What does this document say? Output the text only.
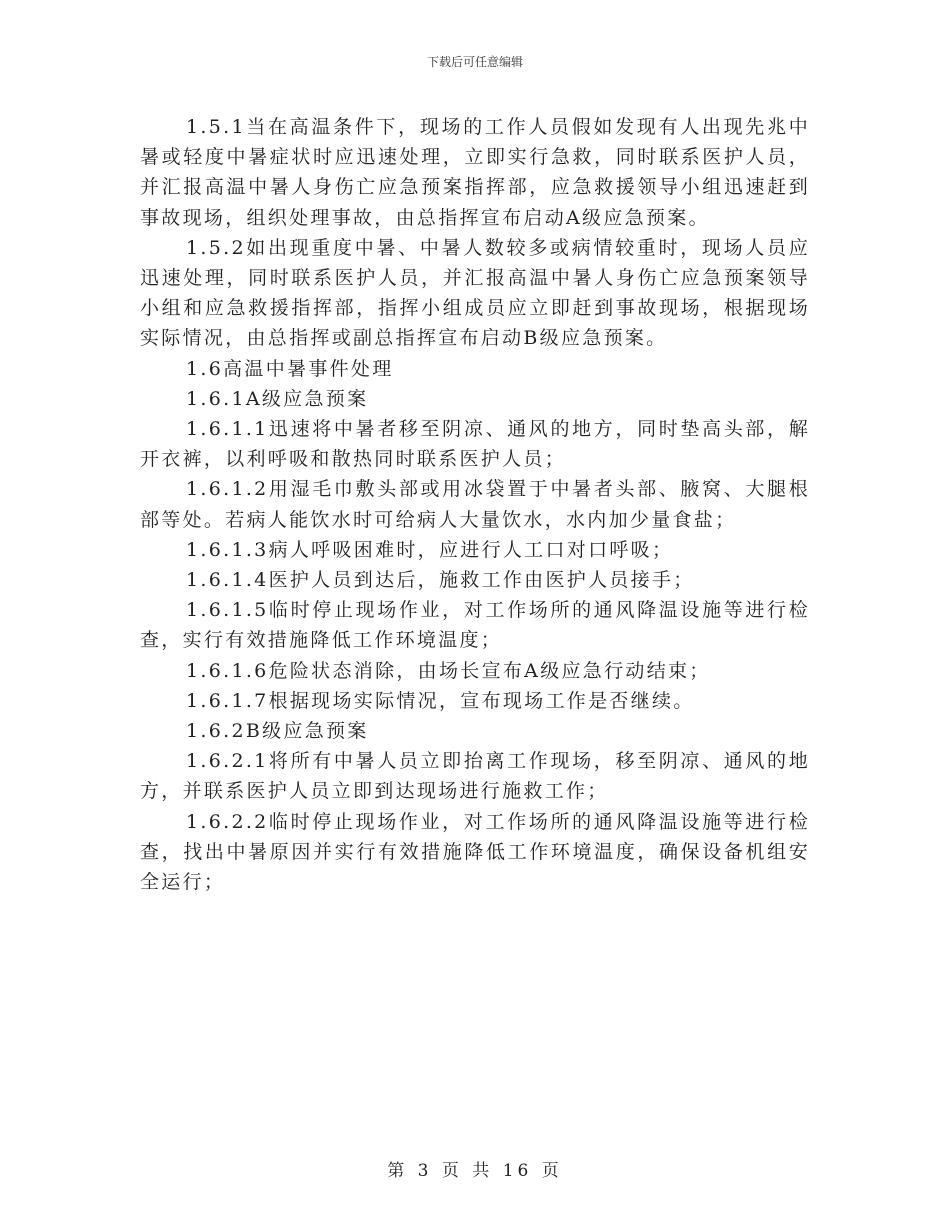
下载后可任意编辑

1.5.1当在高温条件下，现场的工作人员假如发现有人出现先兆中暑或轻度中暑症状时应迅速处理，立即实行急救，同时联系医护人员，并汇报高温中暑人身伤亡应急预案指挥部，应急救援领导小组迅速赶到事故现场，组织处理事故，由总指挥宣布启动A级应急预案。

1.5.2如出现重度中暑、中暑人数较多或病情较重时，现场人员应迅速处理，同时联系医护人员，并汇报高温中暑人身伤亡应急预案领导小组和应急救援指挥部，指挥小组成员应立即赶到事故现场，根据现场实际情况，由总指挥或副总指挥宣布启动B级应急预案。

1.6高温中暑事件处理

1.6.1A级应急预案

1.6.1.1迅速将中暑者移至阴凉、通风的地方，同时垫高头部，解开衣裤，以利呼吸和散热同时联系医护人员；

1.6.1.2用湿毛巾敷头部或用冰袋置于中暑者头部、腋窝、大腿根部等处。若病人能饮水时可给病人大量饮水，水内加少量食盐；

1.6.1.3病人呼吸困难时，应进行人工口对口呼吸；

1.6.1.4医护人员到达后，施救工作由医护人员接手；

1.6.1.5临时停止现场作业，对工作场所的通风降温设施等进行检查，实行有效措施降低工作环境温度；

1.6.1.6危险状态消除，由场长宣布A级应急行动结束；

1.6.1.7根据现场实际情况，宣布现场工作是否继续。

1.6.2B级应急预案

1.6.2.1将所有中暑人员立即抬离工作现场，移至阴凉、通风的地方，并联系医护人员立即到达现场进行施救工作；

1.6.2.2临时停止现场作业，对工作场所的通风降温设施等进行检查，找出中暑原因并实行有效措施降低工作环境温度，确保设备机组安全运行；

第 3 页 共 16 页
